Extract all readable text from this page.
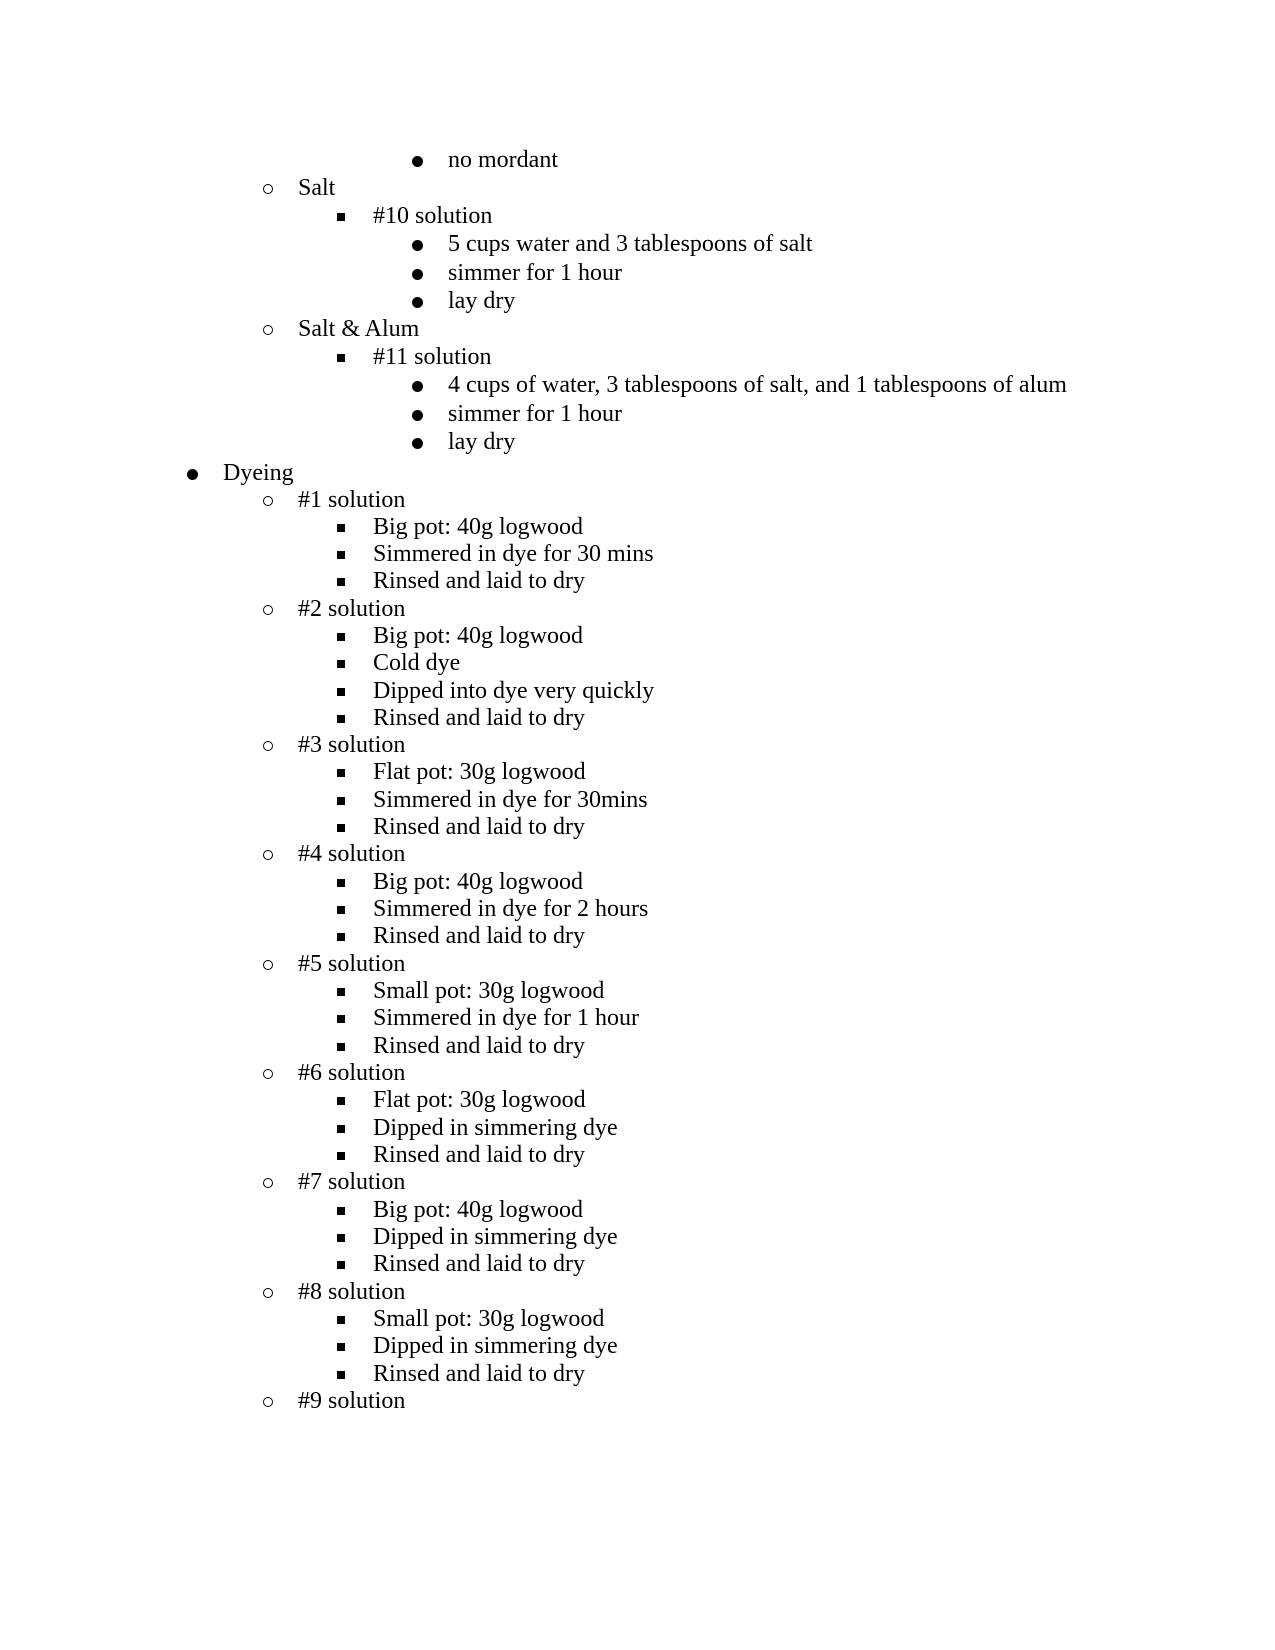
no mordant
Salt
#10 solution
5 cups water and 3 tablespoons of salt
simmer for 1 hour
lay dry
Salt & Alum
#11 solution
4 cups of water, 3 tablespoons of salt, and 1 tablespoons of alum
simmer for 1 hour
lay dry
Dyeing
#1 solution
Big pot: 40g logwood
Simmered in dye for 30 mins
Rinsed and laid to dry
#2 solution
Big pot: 40g logwood
Cold dye
Dipped into dye very quickly
Rinsed and laid to dry
#3 solution
Flat pot: 30g logwood
Simmered in dye for 30mins
Rinsed and laid to dry
#4 solution
Big pot: 40g logwood
Simmered in dye for 2 hours
Rinsed and laid to dry
#5 solution
Small pot: 30g logwood
Simmered in dye for 1 hour
Rinsed and laid to dry
#6 solution
Flat pot: 30g logwood
Dipped in simmering dye
Rinsed and laid to dry
#7 solution
Big pot: 40g logwood
Dipped in simmering dye
Rinsed and laid to dry
#8 solution
Small pot: 30g logwood
Dipped in simmering dye
Rinsed and laid to dry
#9 solution
